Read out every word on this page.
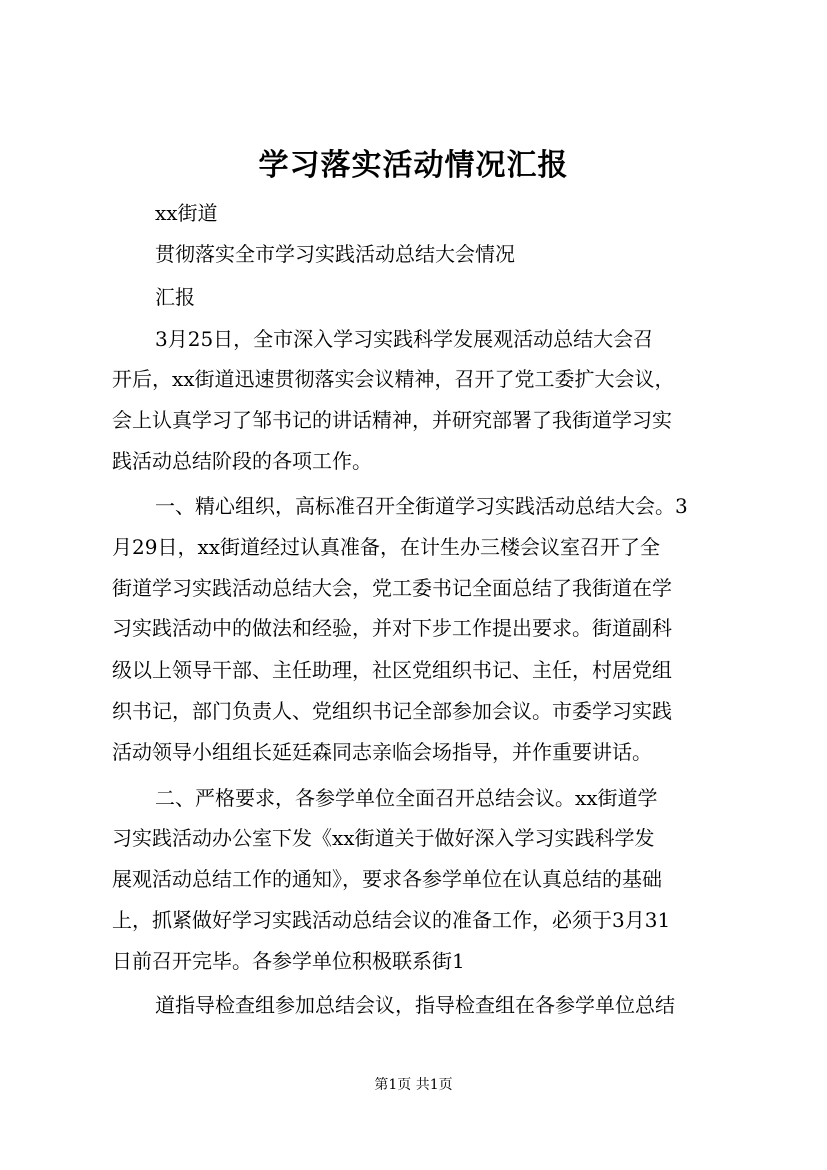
学习落实活动情况汇报
xx街道
贯彻落实全市学习实践活动总结大会情况
汇报
3月25日，全市深入学习实践科学发展观活动总结大会召
开后，xx街道迅速贯彻落实会议精神，召开了党工委扩大会议，
会上认真学习了邹书记的讲话精神，并研究部署了我街道学习实
践活动总结阶段的各项工作。
一、精心组织，高标准召开全街道学习实践活动总结大会。3
月29日，xx街道经过认真准备，在计生办三楼会议室召开了全
街道学习实践活动总结大会，党工委书记全面总结了我街道在学
习实践活动中的做法和经验，并对下步工作提出要求。街道副科
级以上领导干部、主任助理，社区党组织书记、主任，村居党组
织书记，部门负责人、党组织书记全部参加会议。市委学习实践
活动领导小组组长延廷森同志亲临会场指导，并作重要讲话。
二、严格要求，各参学单位全面召开总结会议。xx街道学
习实践活动办公室下发《xx街道关于做好深入学习实践科学发
展观活动总结工作的通知》，要求各参学单位在认真总结的基础
上，抓紧做好学习实践活动总结会议的准备工作，必须于3月31
日前召开完毕。各参学单位积极联系街1
道指导检查组参加总结会议，指导检查组在各参学单位总结
第1页 共1页
